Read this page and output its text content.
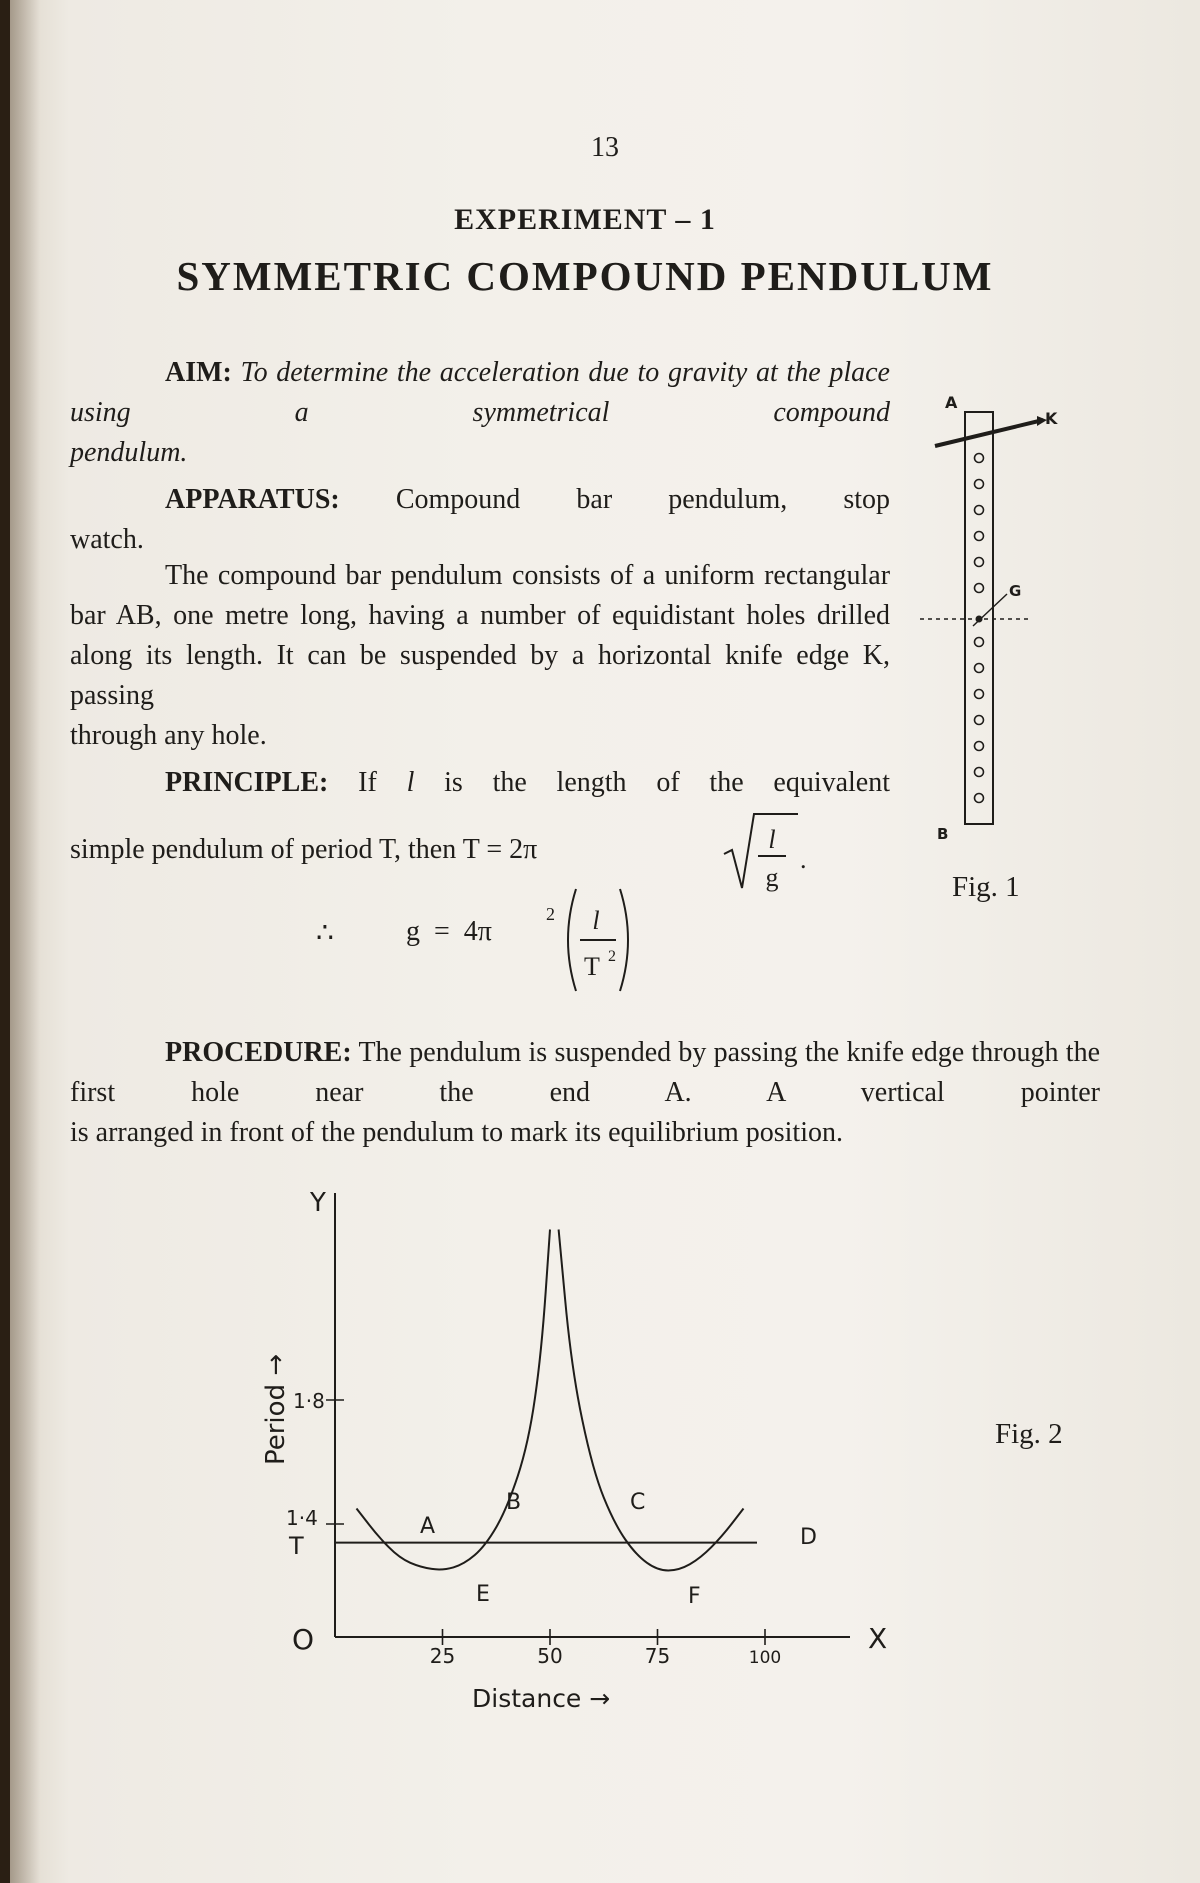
13
EXPERIMENT – 1
SYMMETRIC COMPOUND PENDULUM
AIM: To determine the acceleration due to gravity at the place using a symmetrical compound
pendulum.
APPARATUS: Compound bar pendulum, stop
watch.
The compound bar pendulum consists of a uniform rectangular bar AB, one metre long, having a number of equidistant holes drilled along its length. It can be suspended by a horizontal knife edge K, passing
through any hole.
PRINCIPLE: If l is the length of the equivalent
simple pendulum of period T, then T = 2π	l
g
.
∴	g  =  4π
2 l
T 2
PROCEDURE: The pendulum is suspended by passing the knife edge through the first hole near the end A. A vertical pointer
is arranged in front of the pendulum to mark its equilibrium position.
A
K
G
B
Fig. 1
Y
X
O
Period →
Distance →
1·8
1·4
T
25	50	75	100
A
B	C
D
E	F
Fig. 2
